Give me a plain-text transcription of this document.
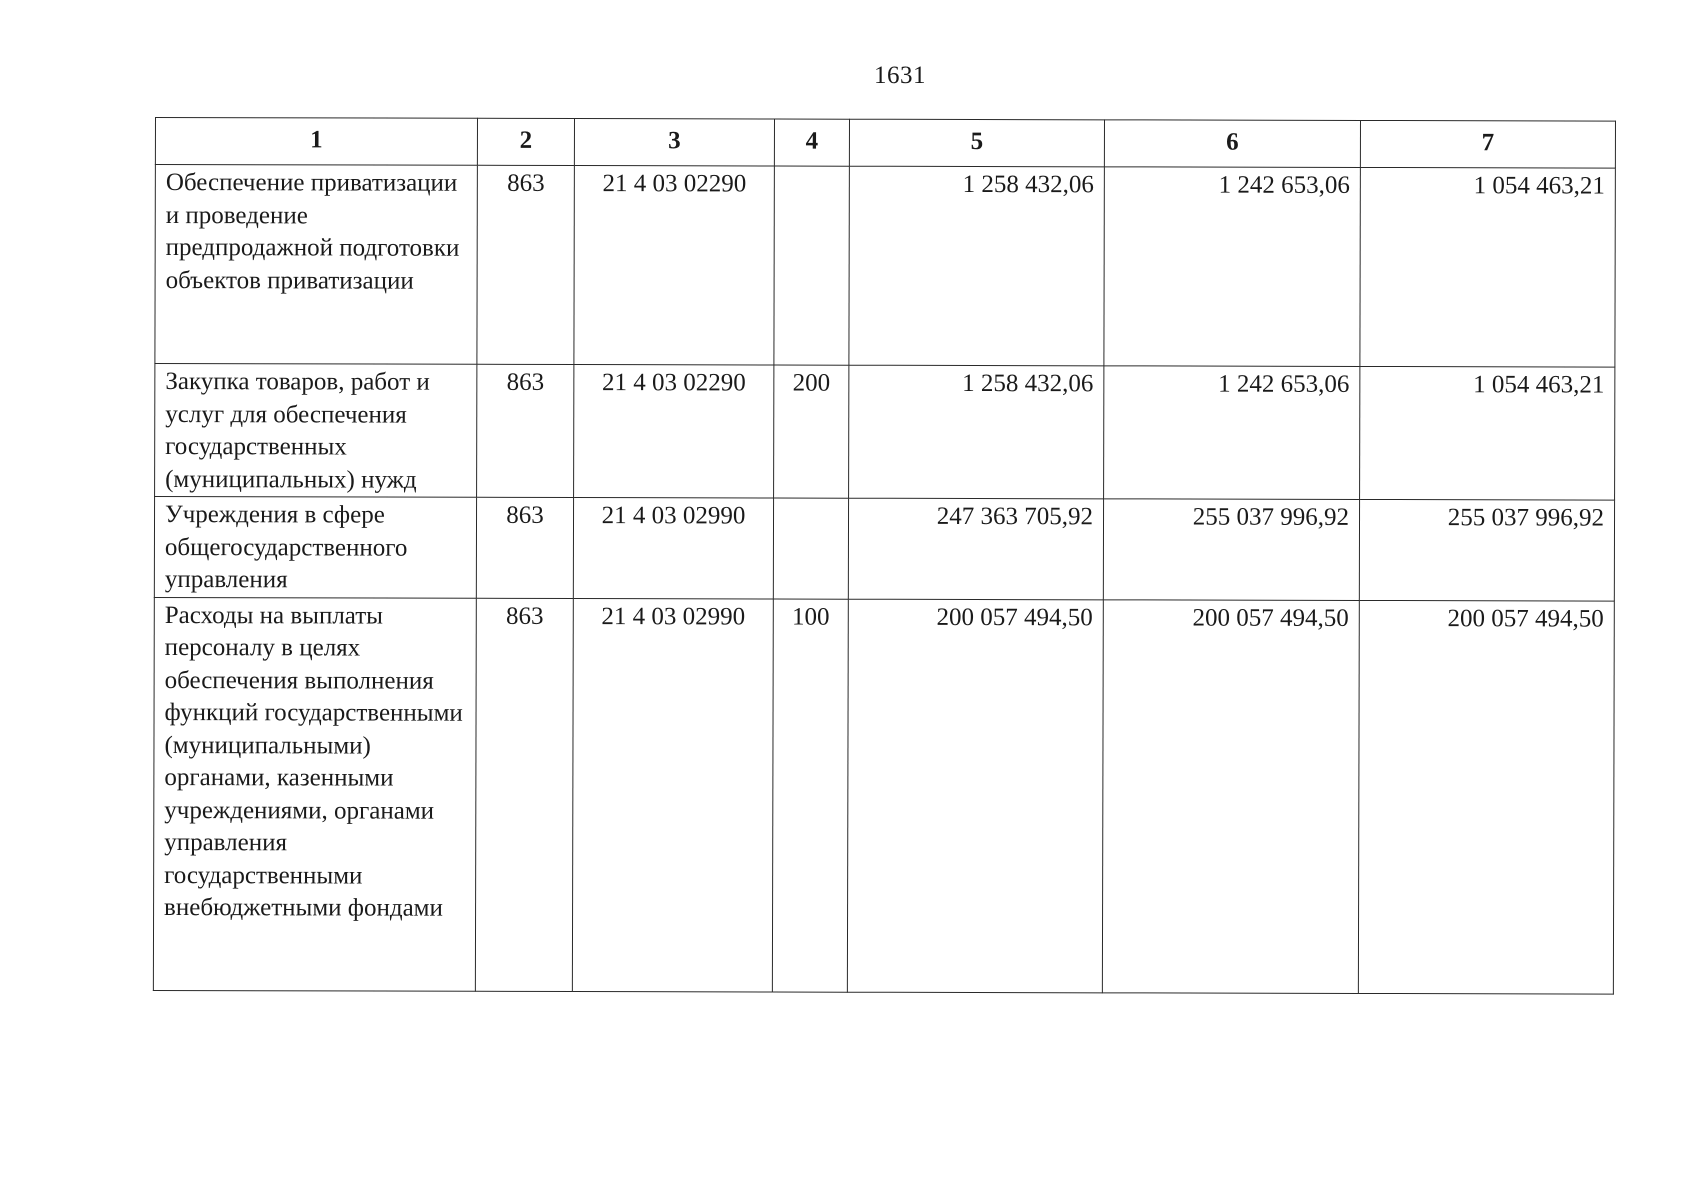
1631
1	2	3	4	5	6	7
Обеспечение приватизации и проведение предпродажной подготовки объектов приватизации	863	21 4 03 02290		1 258 432,06	1 242 653,06	1 054 463,21
Закупка товаров, работ и услуг для обеспечения государственных (муниципальных) нужд	863	21 4 03 02290	200	1 258 432,06	1 242 653,06	1 054 463,21
Учреждения в сфере общегосударственного управления	863	21 4 03 02990		247 363 705,92	255 037 996,92	255 037 996,92
Расходы на выплаты персоналу в целях обеспечения выполнения функций государственными (муниципальными) органами, казенными учреждениями, органами управления государственными внебюджетными фондами	863	21 4 03 02990	100	200 057 494,50	200 057 494,50	200 057 494,50
